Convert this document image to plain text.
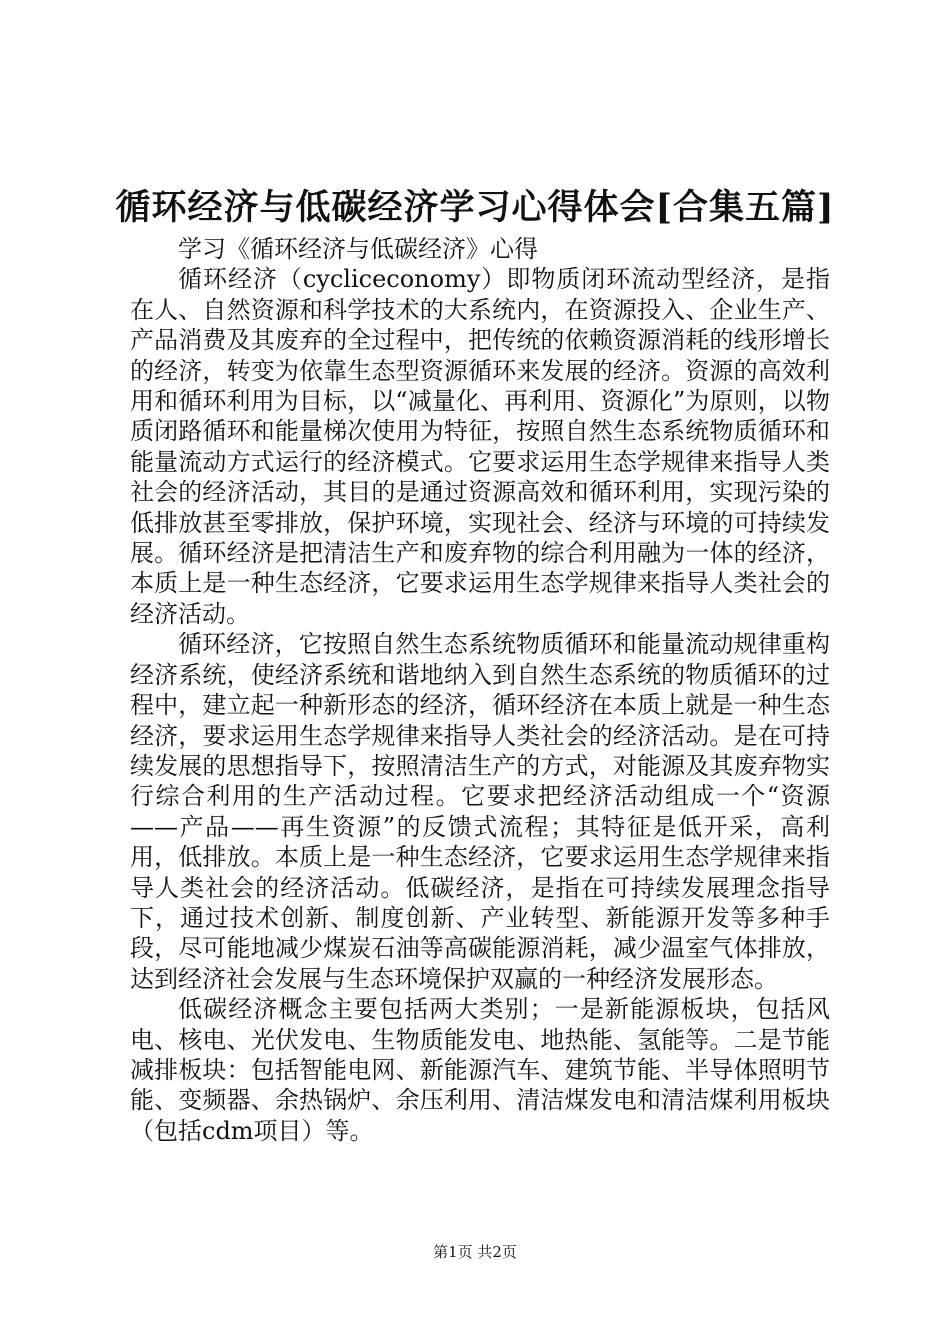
循环经济与低碳经济学习心得体会[合集五篇]

学习《循环经济与低碳经济》心得

循环经济（cycliceconomy）即物质闭环流动型经济，是指在人、自然资源和科学技术的大系统内，在资源投入、企业生产、产品消费及其废弃的全过程中，把传统的依赖资源消耗的线形增长的经济，转变为依靠生态型资源循环来发展的经济。资源的高效利用和循环利用为目标，以“减量化、再利用、资源化”为原则，以物质闭路循环和能量梯次使用为特征，按照自然生态系统物质循环和能量流动方式运行的经济模式。它要求运用生态学规律来指导人类社会的经济活动，其目的是通过资源高效和循环利用，实现污染的低排放甚至零排放，保护环境，实现社会、经济与环境的可持续发展。循环经济是把清洁生产和废弃物的综合利用融为一体的经济，本质上是一种生态经济，它要求运用生态学规律来指导人类社会的经济活动。

循环经济，它按照自然生态系统物质循环和能量流动规律重构经济系统，使经济系统和谐地纳入到自然生态系统的物质循环的过程中，建立起一种新形态的经济，循环经济在本质上就是一种生态经济，要求运用生态学规律来指导人类社会的经济活动。是在可持续发展的思想指导下，按照清洁生产的方式，对能源及其废弃物实行综合利用的生产活动过程。它要求把经济活动组成一个“资源——产品——再生资源”的反馈式流程；其特征是低开采，高利用，低排放。本质上是一种生态经济，它要求运用生态学规律来指导人类社会的经济活动。低碳经济，是指在可持续发展理念指导下，通过技术创新、制度创新、产业转型、新能源开发等多种手段，尽可能地减少煤炭石油等高碳能源消耗，减少温室气体排放，达到经济社会发展与生态环境保护双赢的一种经济发展形态。

低碳经济概念主要包括两大类别；一是新能源板块，包括风电、核电、光伏发电、生物质能发电、地热能、氢能等。二是节能减排板块：包括智能电网、新能源汽车、建筑节能、半导体照明节能、变频器、余热锅炉、余压利用、清洁煤发电和清洁煤利用板块（包括cdm项目）等。

第1页 共2页
